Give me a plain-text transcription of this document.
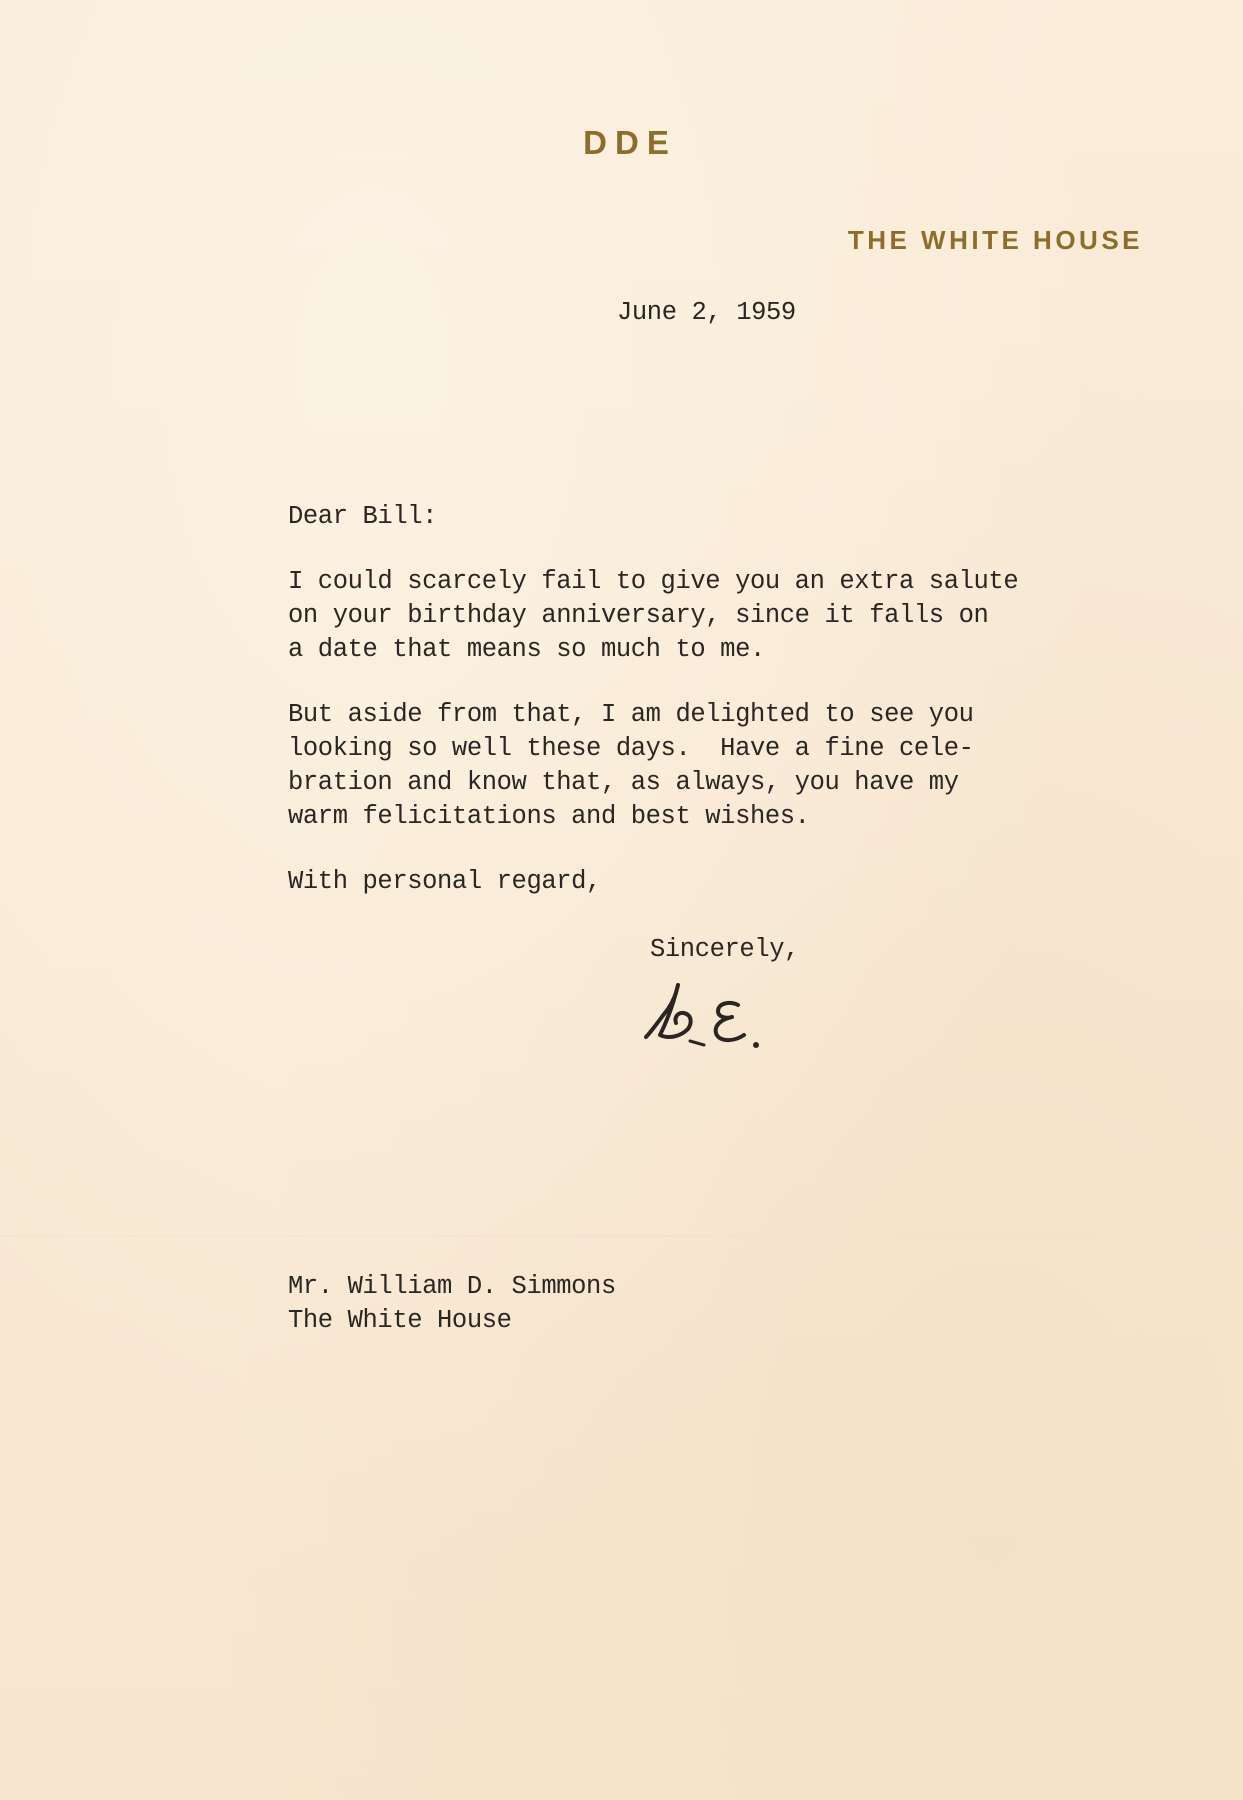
DDE
THE WHITE HOUSE
June 2, 1959

Dear Bill:

I could scarcely fail to give you an extra salute
on your birthday anniversary, since it falls on
a date that means so much to me.

But aside from that, I am delighted to see you
looking so well these days.  Have a fine cele-
bration and know that, as always, you have my
warm felicitations and best wishes.

With personal regard,

Sincerely,
Mr. William D. Simmons
The White House
